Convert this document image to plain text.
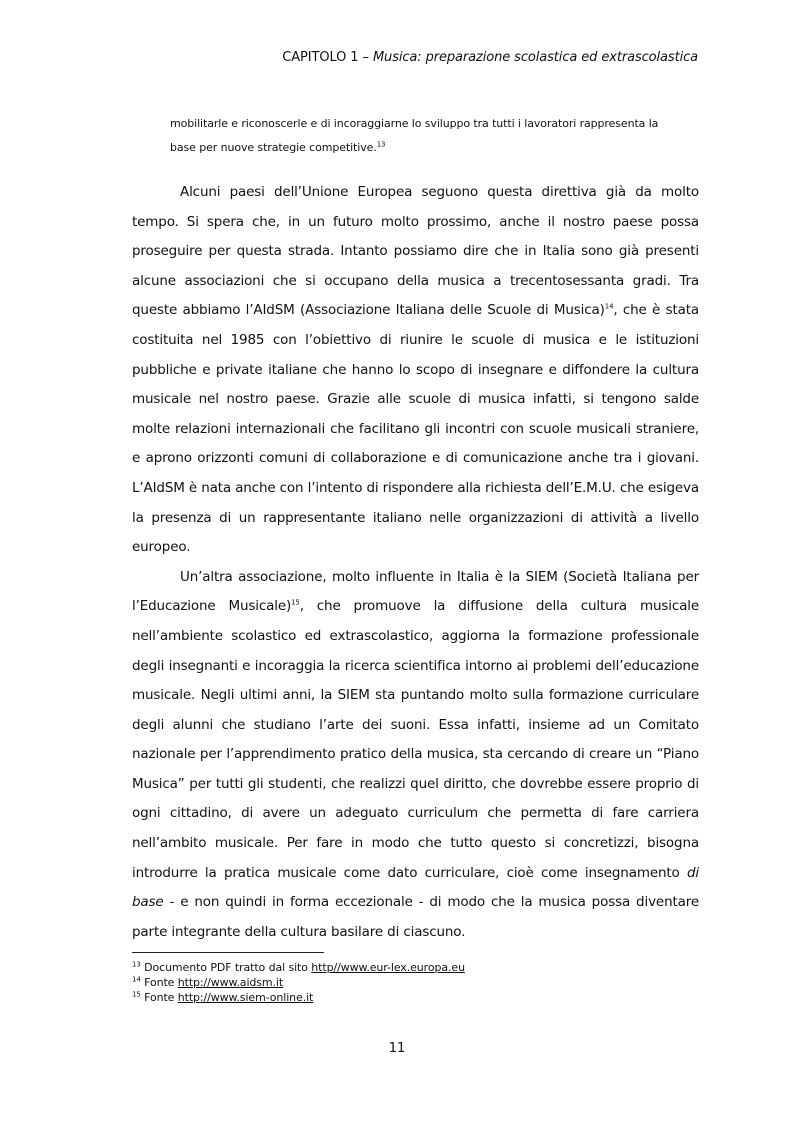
CAPITOLO 1 – Musica: preparazione scolastica ed extrascolastica

mobilitarle e riconoscerle e di incoraggiarne lo sviluppo tra tutti i lavoratori rappresenta la

base per nuove strategie competitive.$^{13}$

Alcuni paesi dell’Unione Europea seguono questa direttiva già da molto tempo. Si spera che, in un futuro molto prossimo, anche il nostro paese possa proseguire per questa strada. Intanto possiamo dire che in Italia sono già presenti alcune associazioni che si occupano della musica a trecentosessanta gradi. Tra queste abbiamo l’AIdSM (Associazione Italiana delle Scuole di Musica)$^{14}$, che è stata costituita nel 1985 con l’obiettivo di riunire le scuole di musica e le istituzioni pubbliche e private italiane che hanno lo scopo di insegnare e diffondere la cultura musicale nel nostro paese. Grazie alle scuole di musica infatti, si tengono salde molte relazioni internazionali che facilitano gli incontri con scuole musicali straniere, e aprono orizzonti comuni di collaborazione e di comunicazione anche tra i giovani. L’AIdSM è nata anche con l’intento di rispondere alla richiesta dell’E.M.U. che esigeva la presenza di un rappresentante italiano nelle organizzazioni di attività a livello europeo.

Un’altra associazione, molto influente in Italia è la SIEM (Società Italiana per l’Educazione Musicale)$^{15}$, che promuove la diffusione della cultura musicale nell’ambiente scolastico ed extrascolastico, aggiorna la formazione professionale degli insegnanti e incoraggia la ricerca scientifica intorno ai problemi dell’educazione musicale. Negli ultimi anni, la SIEM sta puntando molto sulla formazione curriculare degli alunni che studiano l’arte dei suoni. Essa infatti, insieme ad un Comitato nazionale per l’apprendimento pratico della musica, sta cercando di creare un “Piano Musica” per tutti gli studenti, che realizzi quel diritto, che dovrebbe essere proprio di ogni cittadino, di avere un adeguato curriculum che permetta di fare carriera nell’ambito musicale. Per fare in modo che tutto questo si concretizzi, bisogna introdurre la pratica musicale come dato curriculare, cioè come insegnamento di base - e non quindi in forma eccezionale - di modo che la musica possa diventare parte integrante della cultura basilare di ciascuno.

$^{13}$ Documento PDF tratto dal sito http//www.eur-lex.europa.eu

$^{14}$ Fonte http://www.aidsm.it

$^{15}$ Fonte http://www.siem-online.it

11
